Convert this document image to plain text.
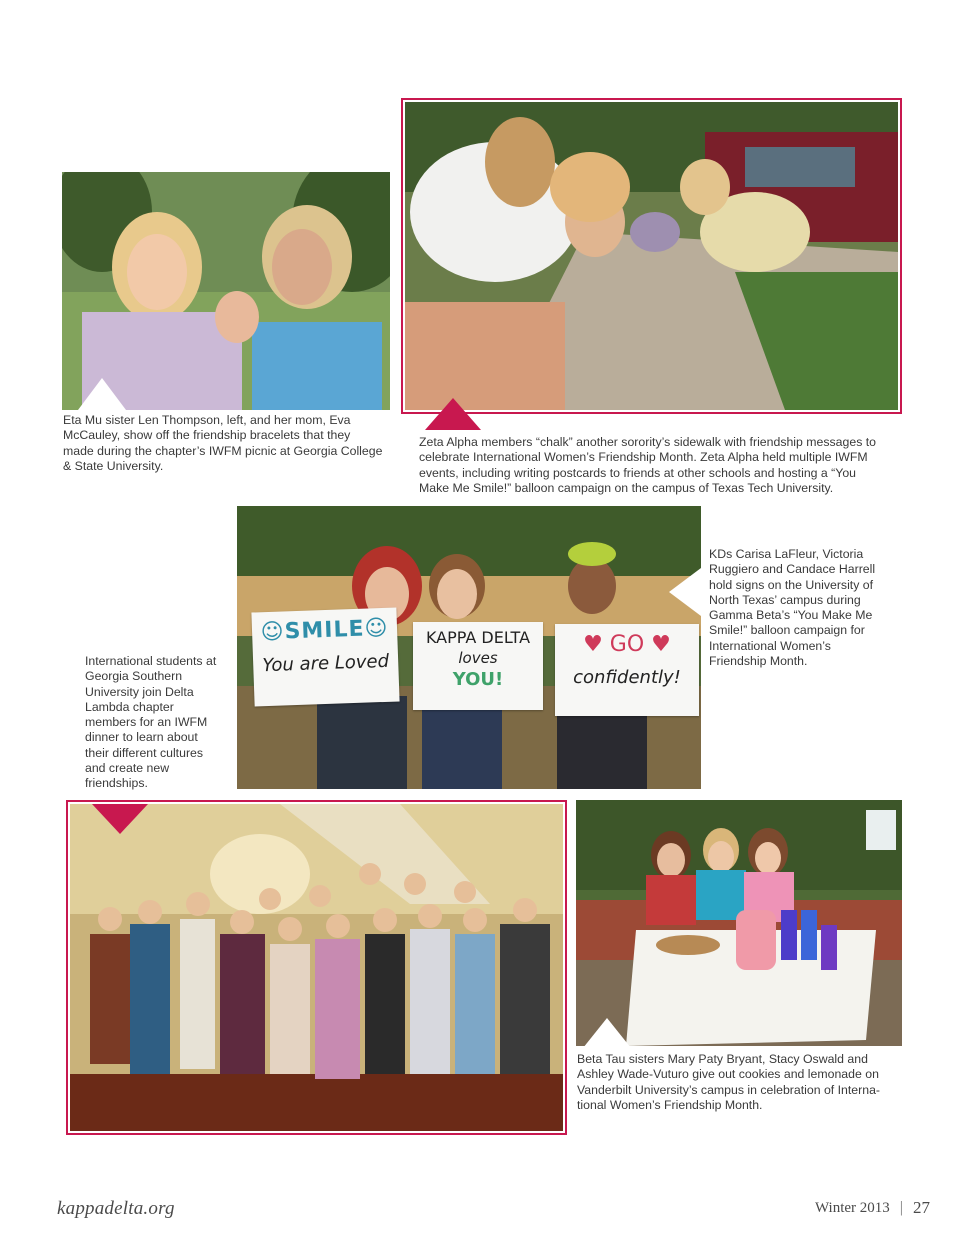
Eta Mu sister Len Thompson, left, and her mom, Eva McCauley, show off the friendship bracelets that they made during the chapter’s IWFM picnic at Georgia College & State University.

Zeta Alpha members “chalk” another sorority’s sidewalk with friendship messages to celebrate International Women’s Friendship Month. Zeta Alpha held multiple IWFM events, including writing postcards to friends at other schools and hosting a “You Make Me Smile!” balloon campaign on the campus of Texas Tech University.

☺SMILE☺
You are Loved
KAPPA DELTA
loves
YOU!
♥ GO ♥
confidently!

KDs Carisa LaFleur, Victoria Ruggiero and Candace Harrell hold signs on the University of North Texas’ campus during Gamma Beta’s “You Make Me Smile!” balloon campaign for International Women’s Friendship Month.

International students at Georgia Southern University join Delta Lambda chapter members for an IWFM dinner to learn about their different cultures and create new friendships.

Beta Tau sisters Mary Paty Bryant, Stacy Oswald and Ashley Wade-Vuturo give out cookies and lemonade on Vanderbilt University’s campus in celebration of Interna-tional Women’s Friendship Month.

kappadelta.org	Winter 2013 | 27
